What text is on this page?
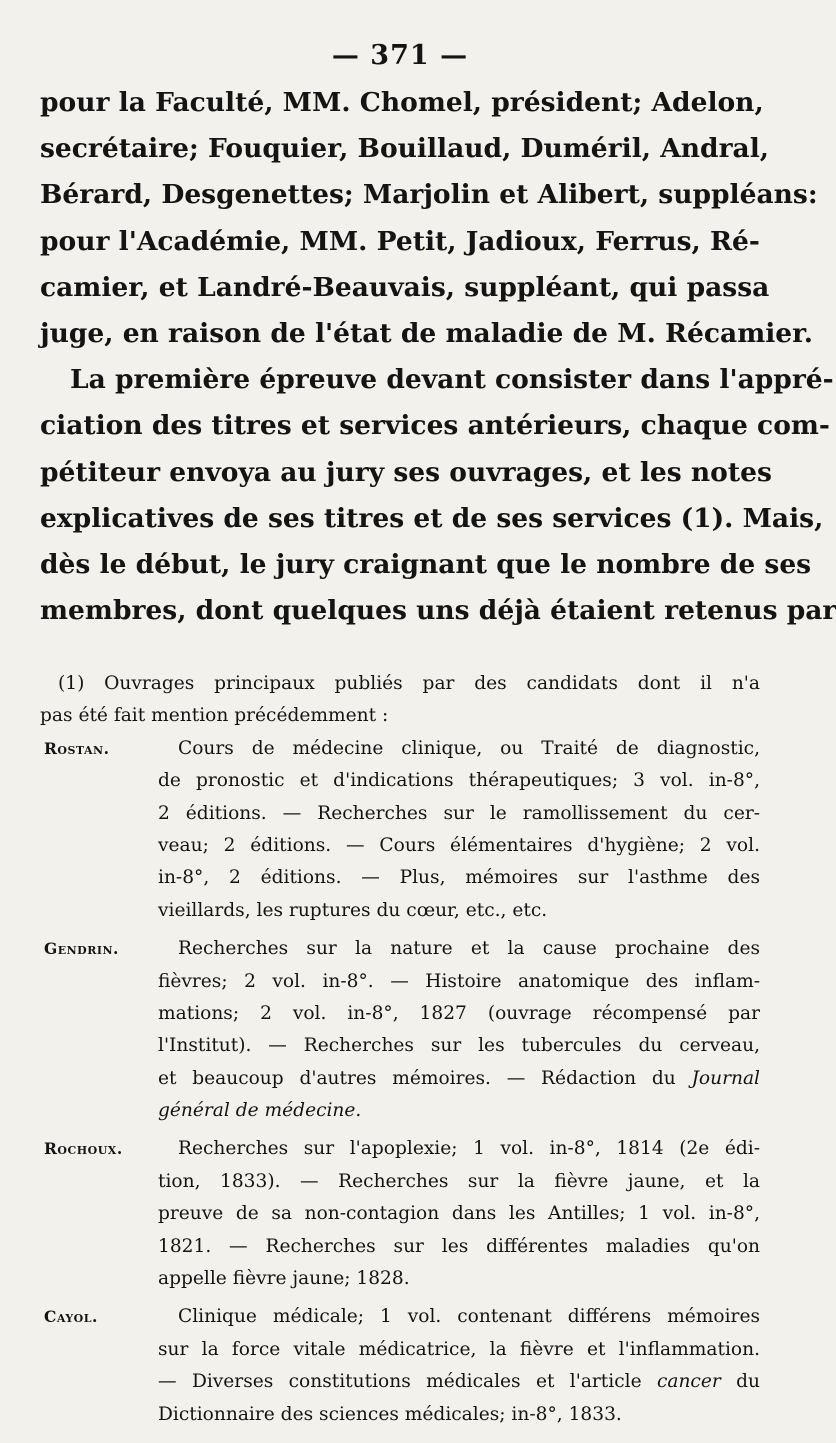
— 371 —
pour la Faculté, MM. Chomel, président; Adelon,
secrétaire; Fouquier, Bouillaud, Duméril, Andral,
Bérard, Desgenettes; Marjolin et Alibert, suppléans:
pour l'Académie, MM. Petit, Jadioux, Ferrus, Ré-
camier, et Landré-Beauvais, suppléant, qui passa
juge, en raison de l'état de maladie de M. Récamier.
La première épreuve devant consister dans l'appré-
ciation des titres et services antérieurs, chaque com-
pétiteur envoya au jury ses ouvrages, et les notes
explicatives de ses titres et de ses services (1). Mais,
dès le début, le jury craignant que le nombre de ses
membres, dont quelques uns déjà étaient retenus par
(1) Ouvrages principaux publiés par des candidats dont il n'a
pas été fait mention précédemment :
Rostan.	Cours de médecine clinique, ou Traité de diagnostic,
de pronostic et d'indications thérapeutiques; 3 vol. in-8°,
2 éditions. — Recherches sur le ramollissement du cer-
veau; 2 éditions. — Cours élémentaires d'hygiène; 2 vol.
in-8°, 2 éditions. — Plus, mémoires sur l'asthme des
vieillards, les ruptures du cœur, etc., etc.
Gendrin.	Recherches sur la nature et la cause prochaine des
fièvres; 2 vol. in-8°. — Histoire anatomique des inflam-
mations; 2 vol. in-8°, 1827 (ouvrage récompensé par
l'Institut). — Recherches sur les tubercules du cerveau,
et beaucoup d'autres mémoires. — Rédaction du Journal
général de médecine.
Rochoux.	Recherches sur l'apoplexie; 1 vol. in-8°, 1814 (2e édi-
tion, 1833). — Recherches sur la fièvre jaune, et la
preuve de sa non-contagion dans les Antilles; 1 vol. in-8°,
1821. — Recherches sur les différentes maladies qu'on
appelle fièvre jaune; 1828.
Cayol.	Clinique médicale; 1 vol. contenant différens mémoires
sur la force vitale médicatrice, la fièvre et l'inflammation.
— Diverses constitutions médicales et l'article cancer du
Dictionnaire des sciences médicales; in-8°, 1833.
